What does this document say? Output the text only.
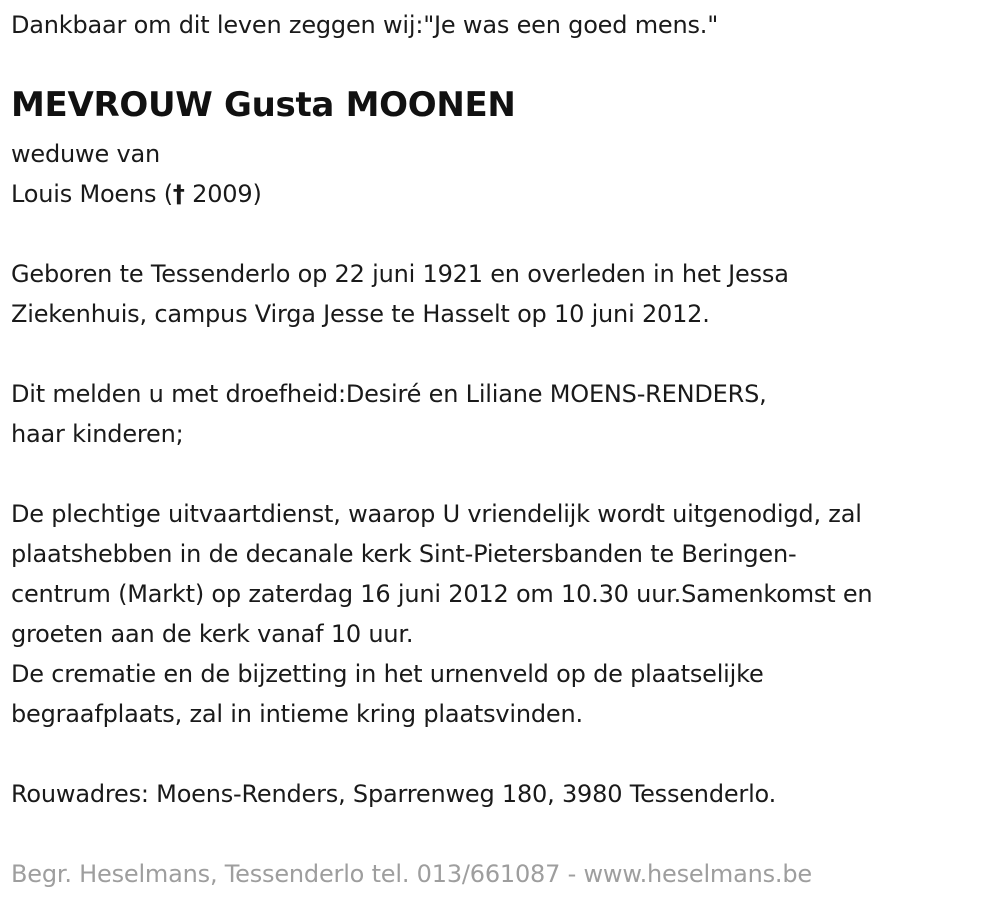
Dankbaar om dit leven zeggen wij:"Je was een goed mens."
MEVROUW Gusta MOONEN
weduwe van
Louis Moens († 2009)
Geboren te Tessenderlo op 22 juni 1921 en overleden in het Jessa
Ziekenhuis, campus Virga Jesse te Hasselt op 10 juni 2012.
Dit melden u met droefheid:Desiré en Liliane MOENS-RENDERS,
haar kinderen;
De plechtige uitvaartdienst, waarop U vriendelijk wordt uitgenodigd, zal
plaatshebben in de decanale kerk Sint-Pietersbanden te Beringen-
centrum (Markt) op zaterdag 16 juni 2012 om 10.30 uur.Samenkomst en
groeten aan de kerk vanaf 10 uur.
De crematie en de bijzetting in het urnenveld op de plaatselijke
begraafplaats, zal in intieme kring plaatsvinden.
Rouwadres: Moens-Renders, Sparrenweg 180, 3980 Tessenderlo.
Begr. Heselmans, Tessenderlo tel. 013/661087 - www.heselmans.be
